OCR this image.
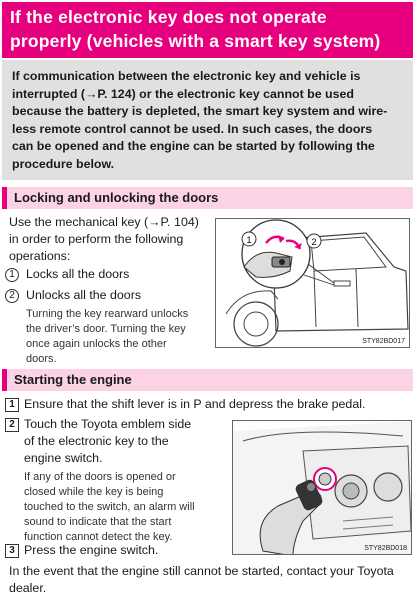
If the electronic key does not operate
properly (vehicles with a smart key system)
If communication between the electronic key and vehicle is
interrupted (→P. 124) or the electronic key cannot be used
because the battery is depleted, the smart key system and wire-
less remote control cannot be used. In such cases, the doors
can be opened and the engine can be started by following the
procedure below.
Locking and unlocking the doors
Use the mechanical key (→P. 104)
in order to perform the following
operations:
1 Locks all the doors
2 Unlocks all the doors
Turning the key rearward unlocks
the driver’s door. Turning the key
once again unlocks the other
doors.
1	2
STY82BD017
Starting the engine
1 Ensure that the shift lever is in P and depress the brake pedal.
2 Touch the Toyota emblem side
of the electronic key to the
engine switch.
If any of the doors is opened or
closed while the key is being
touched to the switch, an alarm will
sound to indicate that the start
function cannot detect the key.
3 Press the engine switch.	STY82BD018
In the event that the engine still cannot be started, contact your Toyota
dealer.
